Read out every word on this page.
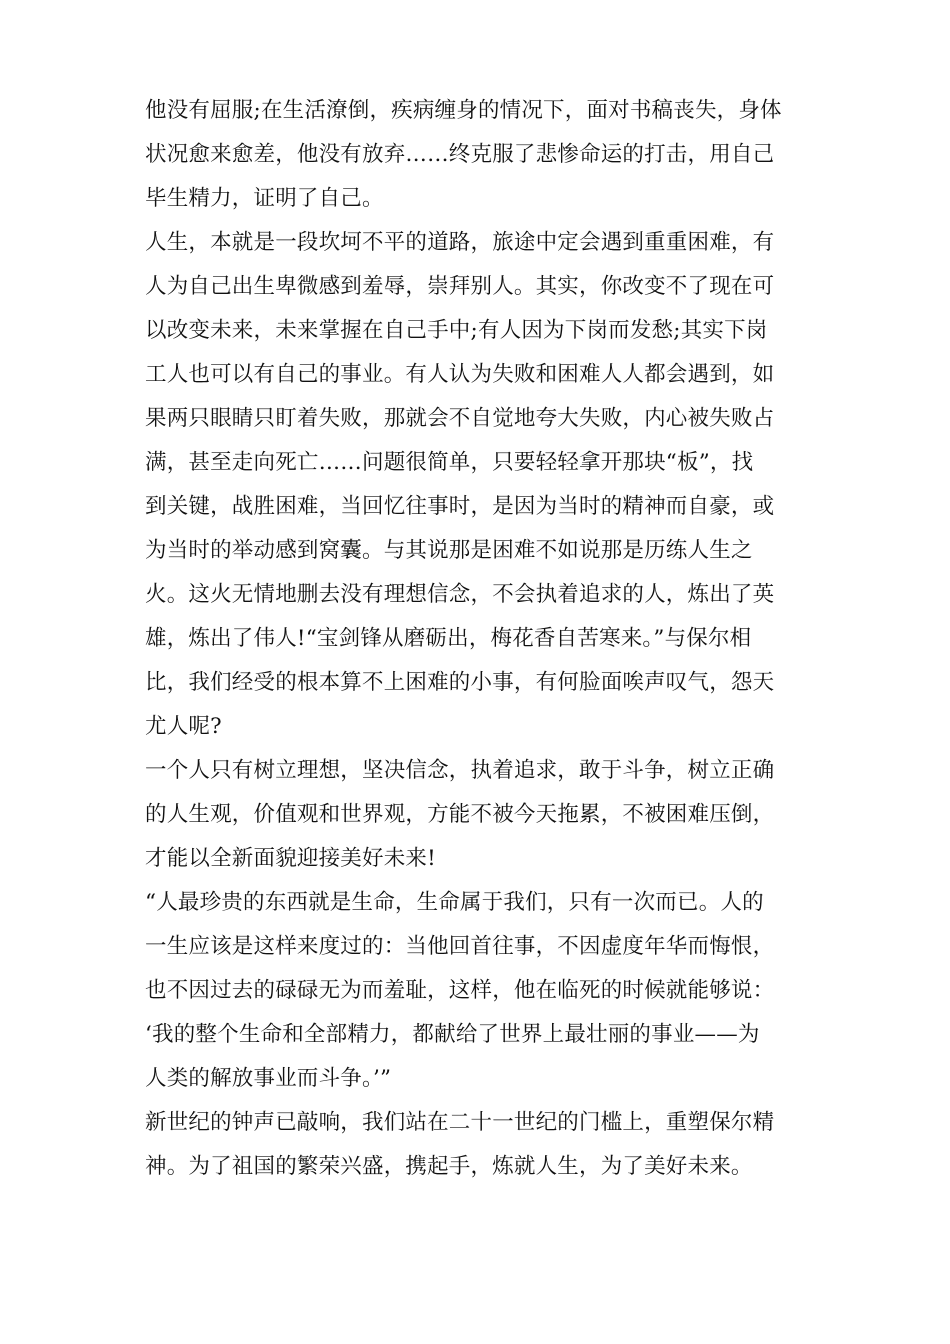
他没有屈服;在生活潦倒，疾病缠身的情况下，面对书稿丧失，身体
状况愈来愈差，他没有放弃……终克服了悲惨命运的打击，用自己
毕生精力，证明了自己。
人生，本就是一段坎坷不平的道路，旅途中定会遇到重重困难，有
人为自己出生卑微感到羞辱，崇拜别人。其实，你改变不了现在可
以改变未来，未来掌握在自己手中;有人因为下岗而发愁;其实下岗
工人也可以有自己的事业。有人认为失败和困难人人都会遇到，如
果两只眼睛只盯着失败，那就会不自觉地夸大失败，内心被失败占
满，甚至走向死亡……问题很简单，只要轻轻拿开那块“板”，找
到关键，战胜困难，当回忆往事时，是因为当时的精神而自豪，或
为当时的举动感到窝囊。与其说那是困难不如说那是历练人生之
火。这火无情地删去没有理想信念，不会执着追求的人，炼出了英
雄，炼出了伟人!“宝剑锋从磨砺出，梅花香自苦寒来。”与保尔相
比，我们经受的根本算不上困难的小事，有何脸面唉声叹气，怨天
尤人呢?
一个人只有树立理想，坚决信念，执着追求，敢于斗争，树立正确
的人生观，价值观和世界观，方能不被今天拖累，不被困难压倒，
才能以全新面貌迎接美好未来!
“人最珍贵的东西就是生命，生命属于我们，只有一次而已。人的
一生应该是这样来度过的：当他回首往事，不因虚度年华而悔恨，
也不因过去的碌碌无为而羞耻，这样，他在临死的时候就能够说：
‘我的整个生命和全部精力，都献给了世界上最壮丽的事业——为
人类的解放事业而斗争。’”
新世纪的钟声已敲响，我们站在二十一世纪的门槛上，重塑保尔精
神。为了祖国的繁荣兴盛，携起手，炼就人生，为了美好未来。
